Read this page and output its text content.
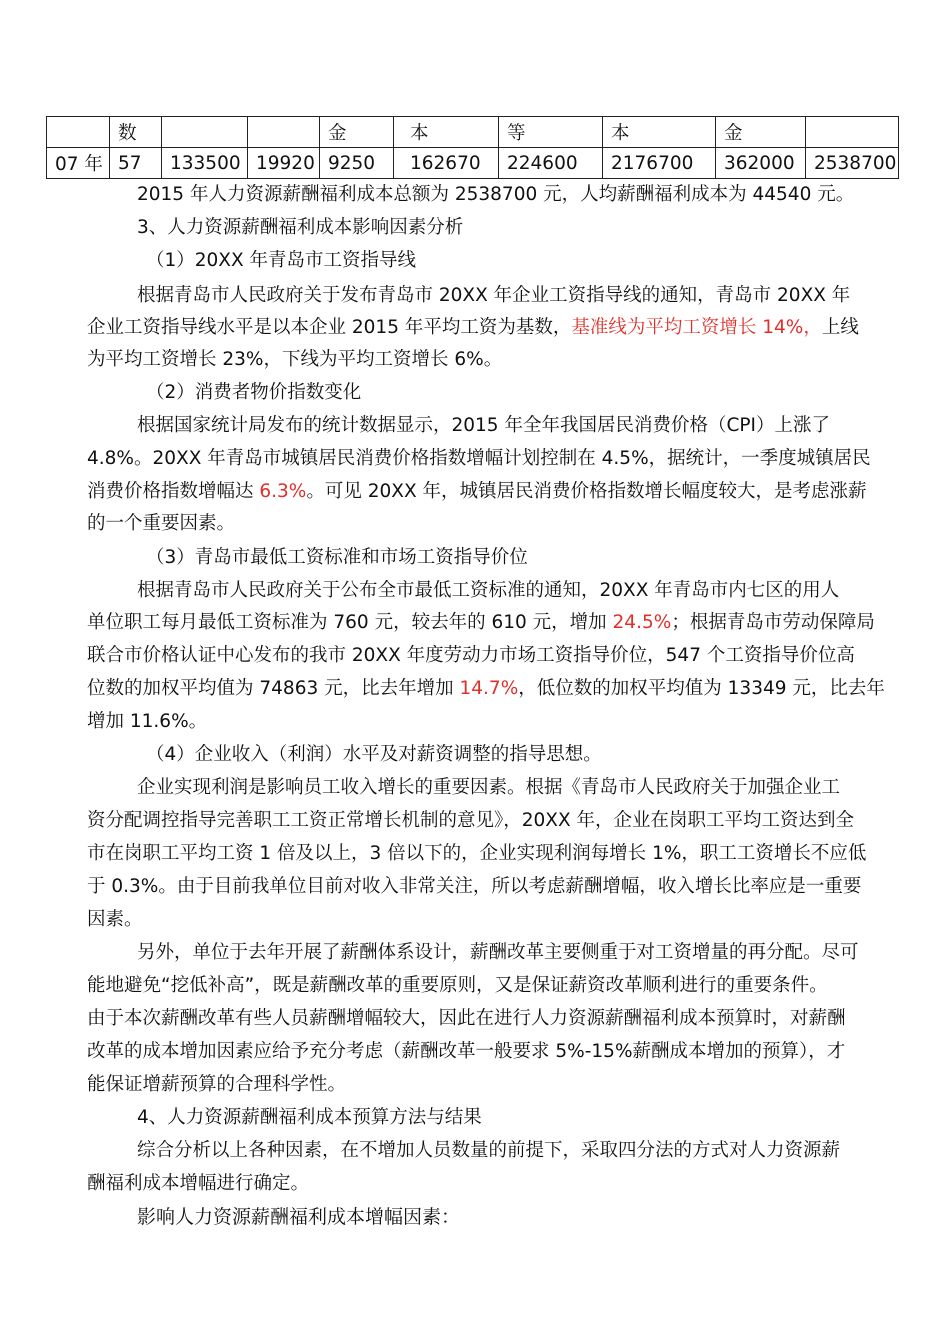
	数			金	本	等	本	金	
07 年	57	133500	19920	9250	162670	224600	2176700	362000	2538700
2015 年人力资源薪酬福利成本总额为 2538700 元，人均薪酬福利成本为 44540 元。
3、人力资源薪酬福利成本影响因素分析
（1）20XX 年青岛市工资指导线
根据青岛市人民政府关于发布青岛市 20XX 年企业工资指导线的通知，青岛市 20XX 年
企业工资指导线水平是以本企业 2015 年平均工资为基数，基准线为平均工资增长 14%，上线
为平均工资增长 23%，下线为平均工资增长 6%。
（2）消费者物价指数变化
根据国家统计局发布的统计数据显示，2015 年全年我国居民消费价格（CPI）上涨了
4.8%。20XX 年青岛市城镇居民消费价格指数增幅计划控制在 4.5%，据统计，一季度城镇居民
消费价格指数增幅达 6.3%。可见 20XX 年，城镇居民消费价格指数增长幅度较大，是考虑涨薪
的一个重要因素。
（3）青岛市最低工资标准和市场工资指导价位
根据青岛市人民政府关于公布全市最低工资标准的通知，20XX 年青岛市内七区的用人
单位职工每月最低工资标准为 760 元，较去年的 610 元，增加 24.5%；根据青岛市劳动保障局
联合市价格认证中心发布的我市 20XX 年度劳动力市场工资指导价位，547 个工资指导价位高
位数的加权平均值为 74863 元，比去年增加 14.7%，低位数的加权平均值为 13349 元，比去年
增加 11.6%。
（4）企业收入（利润）水平及对薪资调整的指导思想。
企业实现利润是影响员工收入增长的重要因素。根据《青岛市人民政府关于加强企业工
资分配调控指导完善职工工资正常增长机制的意见》，20XX 年，企业在岗职工平均工资达到全
市在岗职工平均工资 1 倍及以上，3 倍以下的，企业实现利润每增长 1%，职工工资增长不应低
于 0.3%。由于目前我单位目前对收入非常关注，所以考虑薪酬增幅，收入增长比率应是一重要
因素。
另外，单位于去年开展了薪酬体系设计，薪酬改革主要侧重于对工资增量的再分配。尽可
能地避免“挖低补高”，既是薪酬改革的重要原则，又是保证薪资改革顺利进行的重要条件。
由于本次薪酬改革有些人员薪酬增幅较大，因此在进行人力资源薪酬福利成本预算时，对薪酬
改革的成本增加因素应给予充分考虑（薪酬改革一般要求 5%-15%薪酬成本增加的预算），才
能保证增薪预算的合理科学性。
4、人力资源薪酬福利成本预算方法与结果
综合分析以上各种因素，在不增加人员数量的前提下，采取四分法的方式对人力资源薪
酬福利成本增幅进行确定。
影响人力资源薪酬福利成本增幅因素：
